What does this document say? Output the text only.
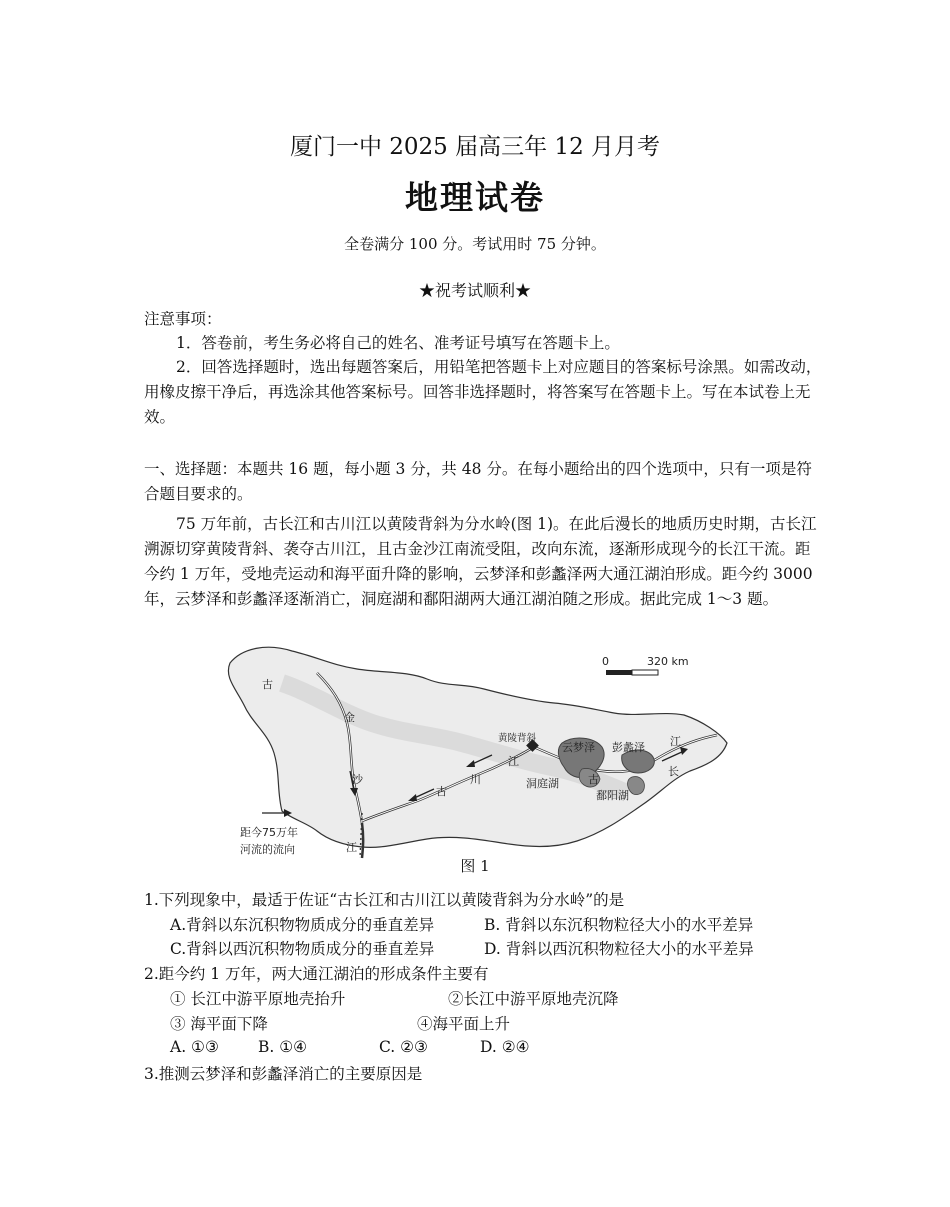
厦门一中 2025 届高三年 12 月月考
地理试卷
全卷满分 100 分。考试用时 75 分钟。
★祝考试顺利★
注意事项：
1．答卷前，考生务必将自己的姓名、准考证号填写在答题卡上。
2．回答选择题时，选出每题答案后，用铅笔把答题卡上对应题目的答案标号涂黑。如需改动，用橡皮擦干净后，再选涂其他答案标号。回答非选择题时，将答案写在答题卡上。写在本试卷上无效。
一、选择题：本题共 16 题，每小题 3 分，共 48 分。在每小题给出的四个选项中，只有一项是符合题目要求的。
75 万年前，古长江和古川江以黄陵背斜为分水岭(图 1)。在此后漫长的地质历史时期，古长江溯源切穿黄陵背斜、袭夺古川江，且古金沙江南流受阻，改向东流，逐渐形成现今的长江干流。距今约 1 万年，受地壳运动和海平面升降的影响，云梦泽和彭蠡泽两大通江湖泊形成。距今约 3000 年，云梦泽和彭蠡泽逐渐消亡，洞庭湖和鄱阳湖两大通江湖泊随之形成。据此完成 1～3 题。
0	320 km
距今75万年
河流的流向
古
金
沙
江
黄陵背斜
云梦泽 彭蠡泽
洞庭湖
鄱阳湖
古
川
江
古
长
江
图 1
1.下列现象中，最适于佐证“古长江和古川江以黄陵背斜为分水岭”的是
A.背斜以东沉积物物质成分的垂直差异	B. 背斜以东沉积物粒径大小的水平差异
C.背斜以西沉积物物质成分的垂直差异	D. 背斜以西沉积物粒径大小的水平差异
2.距今约 1 万年，两大通江湖泊的形成条件主要有
① 长江中游平原地壳抬升	②长江中游平原地壳沉降
③ 海平面下降	④海平面上升
A. ①③	B. ①④	C. ②③	D. ②④
3.推测云梦泽和彭蠡泽消亡的主要原因是
